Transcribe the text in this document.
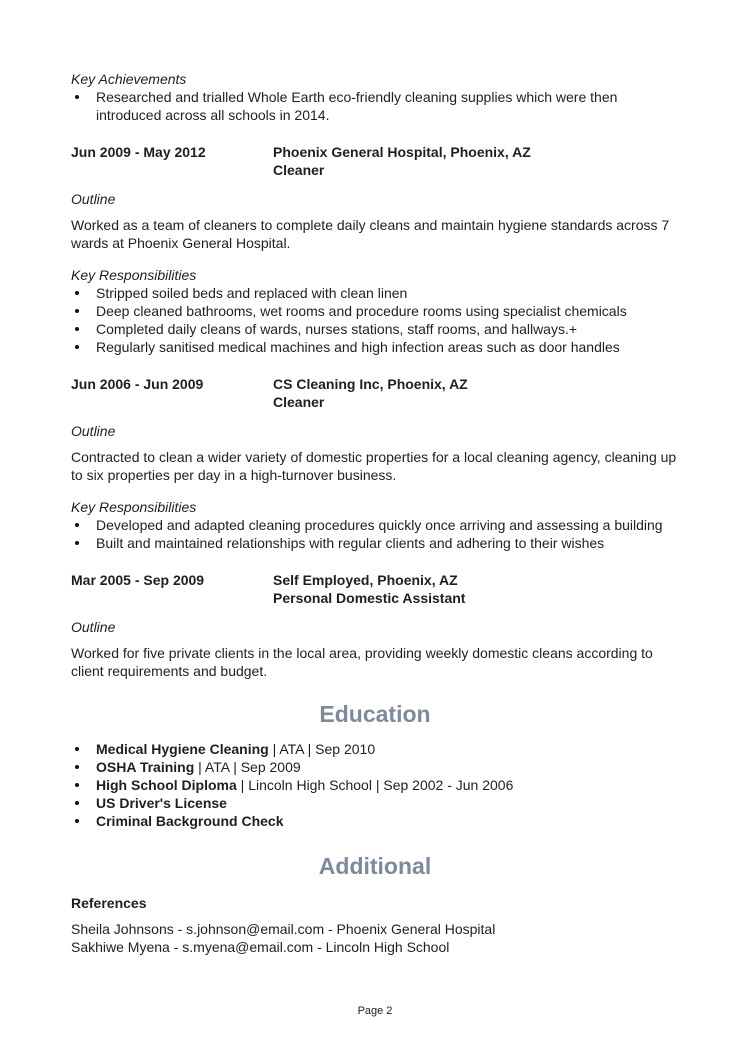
Key Achievements

Researched and trialled Whole Earth eco-friendly cleaning supplies which were then introduced across all schools in 2014.
Jun 2009 - May 2012	Phoenix General Hospital, Phoenix, AZ
Cleaner

Outline

Worked as a team of cleaners to complete daily cleans and maintain hygiene standards across 7 wards at Phoenix General Hospital.

Key Responsibilities

Stripped soiled beds and replaced with clean linen
Deep cleaned bathrooms, wet rooms and procedure rooms using specialist chemicals
Completed daily cleans of wards, nurses stations, staff rooms, and hallways.+
Regularly sanitised medical machines and high infection areas such as door handles
Jun 2006 - Jun 2009	CS Cleaning Inc, Phoenix, AZ
Cleaner

Outline

Contracted to clean a wider variety of domestic properties for a local cleaning agency, cleaning up to six properties per day in a high-turnover business.

Key Responsibilities

Developed and adapted cleaning procedures quickly once arriving and assessing a building
Built and maintained relationships with regular clients and adhering to their wishes
Mar 2005 - Sep 2009	Self Employed, Phoenix, AZ
Personal Domestic Assistant

Outline

Worked for five private clients in the local area, providing weekly domestic cleans according to client requirements and budget.

Education
Medical Hygiene Cleaning | ATA | Sep 2010
OSHA Training | ATA | Sep 2009
High School Diploma | Lincoln High School | Sep 2002 - Jun 2006
US Driver's License
Criminal Background Check
Additional

References

Sheila Johnsons - s.johnson@email.com - Phoenix General Hospital

Sakhiwe Myena - s.myena@email.com - Lincoln High School

Page 2
